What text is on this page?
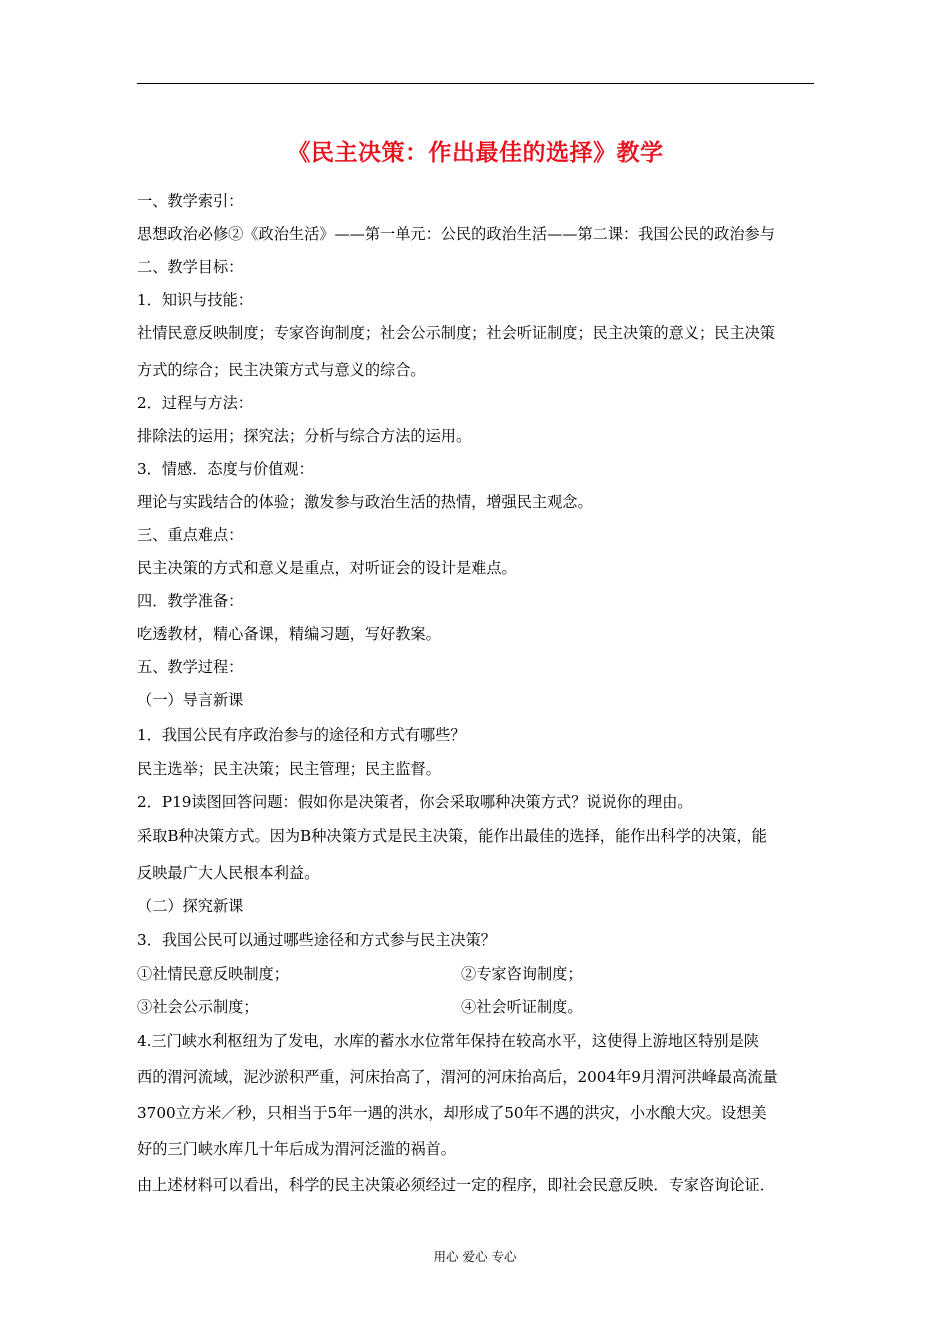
《民主决策：作出最佳的选择》教学
一、教学索引：
思想政治必修②《政治生活》——第一单元：公民的政治生活——第二课：我国公民的政治参与
二、教学目标：
1．知识与技能：
社情民意反映制度；专家咨询制度；社会公示制度；社会听证制度；民主决策的意义；民主决策
方式的综合；民主决策方式与意义的综合。
2．过程与方法：
排除法的运用；探究法；分析与综合方法的运用。
3．情感．态度与价值观：
理论与实践结合的体验；激发参与政治生活的热情，增强民主观念。
三、重点难点：
民主决策的方式和意义是重点，对听证会的设计是难点。
四．教学准备：
吃透教材，精心备课，精编习题，写好教案。
五、教学过程：
（一）导言新课
1．我国公民有序政治参与的途径和方式有哪些？
民主选举；民主决策；民主管理；民主监督。
2．P19读图回答问题：假如你是决策者，你会采取哪种决策方式？说说你的理由。
采取B种决策方式。因为B种决策方式是民主决策，能作出最佳的选择，能作出科学的决策，能
反映最广大人民根本利益。
（二）探究新课
3．我国公民可以通过哪些途径和方式参与民主决策？
①社情民意反映制度；	②专家咨询制度；
③社会公示制度；	④社会听证制度。
4.三门峡水利枢纽为了发电，水库的蓄水水位常年保持在较高水平，这使得上游地区特别是陕
西的渭河流域，泥沙淤积严重，河床抬高了，渭河的河床抬高后，2004年9月渭河洪峰最高流量
3700立方米／秒，只相当于5年一遇的洪水，却形成了50年不遇的洪灾，小水酿大灾。设想美
好的三门峡水库几十年后成为渭河泛滥的祸首。
由上述材料可以看出，科学的民主决策必须经过一定的程序，即社会民意反映．专家咨询论证．
用心 爱心 专心
